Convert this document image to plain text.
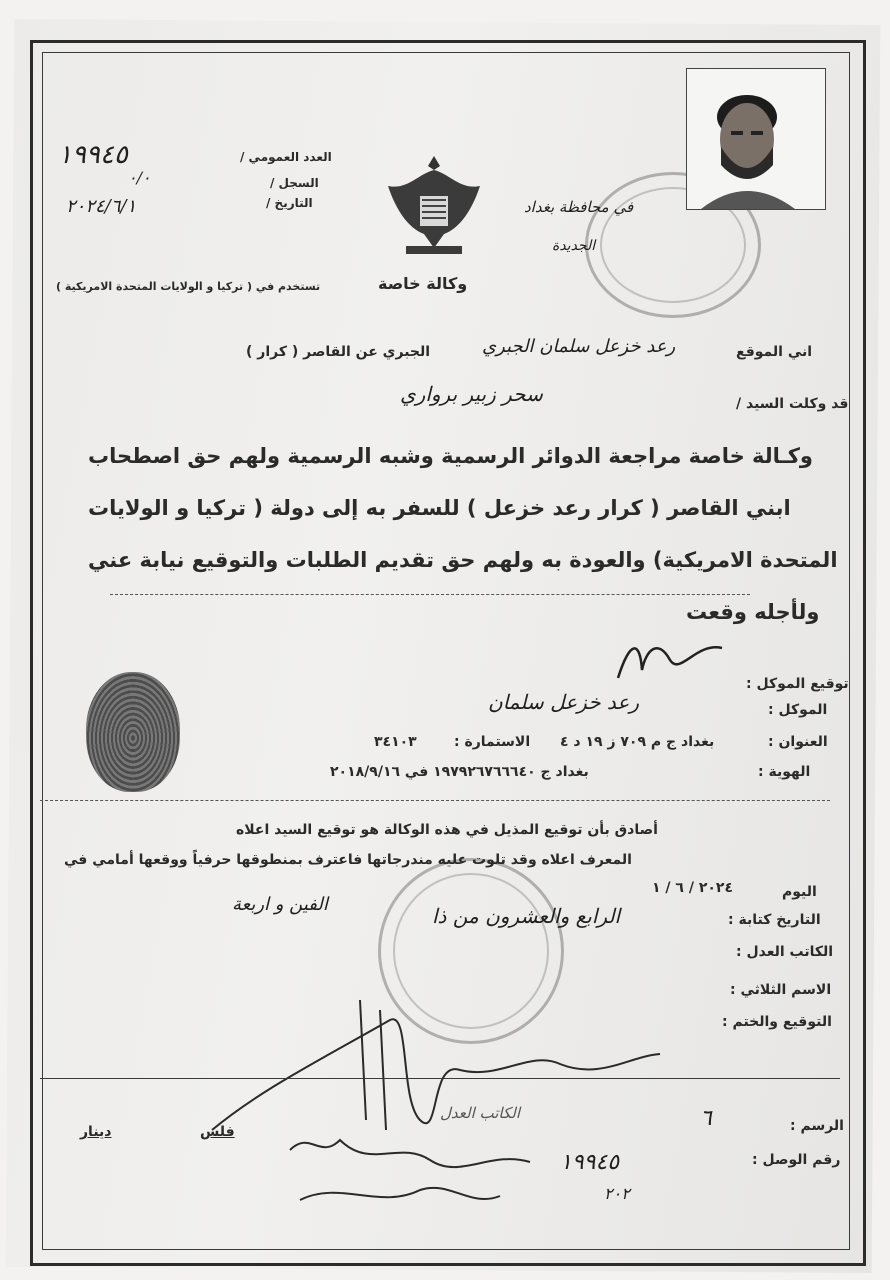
العدد العمومي /
١٩٩٤٥
السجل /
٠/٠
التاريخ /
٢٠٢٤/٦/١
تستخدم في ( تركيا و الولايات المتحدة الامريكية )	وكالة خاصة
في محافظة بغداد
الجديدة
اني الموقع
رعد خزعل سلمان الجبري
الجبري عن القاصر ( كرار )
قد وكلت السيد /
سحر زبير برواري
وكـالة خاصة مراجعة الدوائر الرسمية وشبه الرسمية ولهم حق اصطحاب
ابني القاصر ( كرار رعد خزعل ) للسفر به إلى دولة ( تركيا و الولايات
المتحدة الامريكية) والعودة به ولهم حق تقديم الطلبات والتوقيع نيابة عني
ولأجله وقعت
توقيع الموكل :
الموكل :
رعد خزعل سلمان
العنوان :
بغداد ج م ٧٠٩ ز ١٩ د ٤
الاستمارة :
٣٤١٠٣
الهوية :
بغداد ج ١٩٧٩٢٦٧٦٦٦٤٠ في ٢٠١٨/٩/١٦
أصادق بأن توقيع المذيل في هذه الوكالة هو توقيع السيد اعلاه
المعرف اعلاه وقد تلوت عليه مندرجاتها فاعترف بمنطوقها حرفياً ووقعها أمامي في
اليوم
٢٠٢٤ / ٦ / ١
التاريخ كتابة :
الرابع والعشرون من ذا
الفين و اربعة
الكاتب العدل :
الاسم الثلاثي :
التوقيع والختم :
الكاتب العدل
الرسم :
٦
فلس
دينار
رقم الوصل :
١٩٩٤٥
٢٠٢
